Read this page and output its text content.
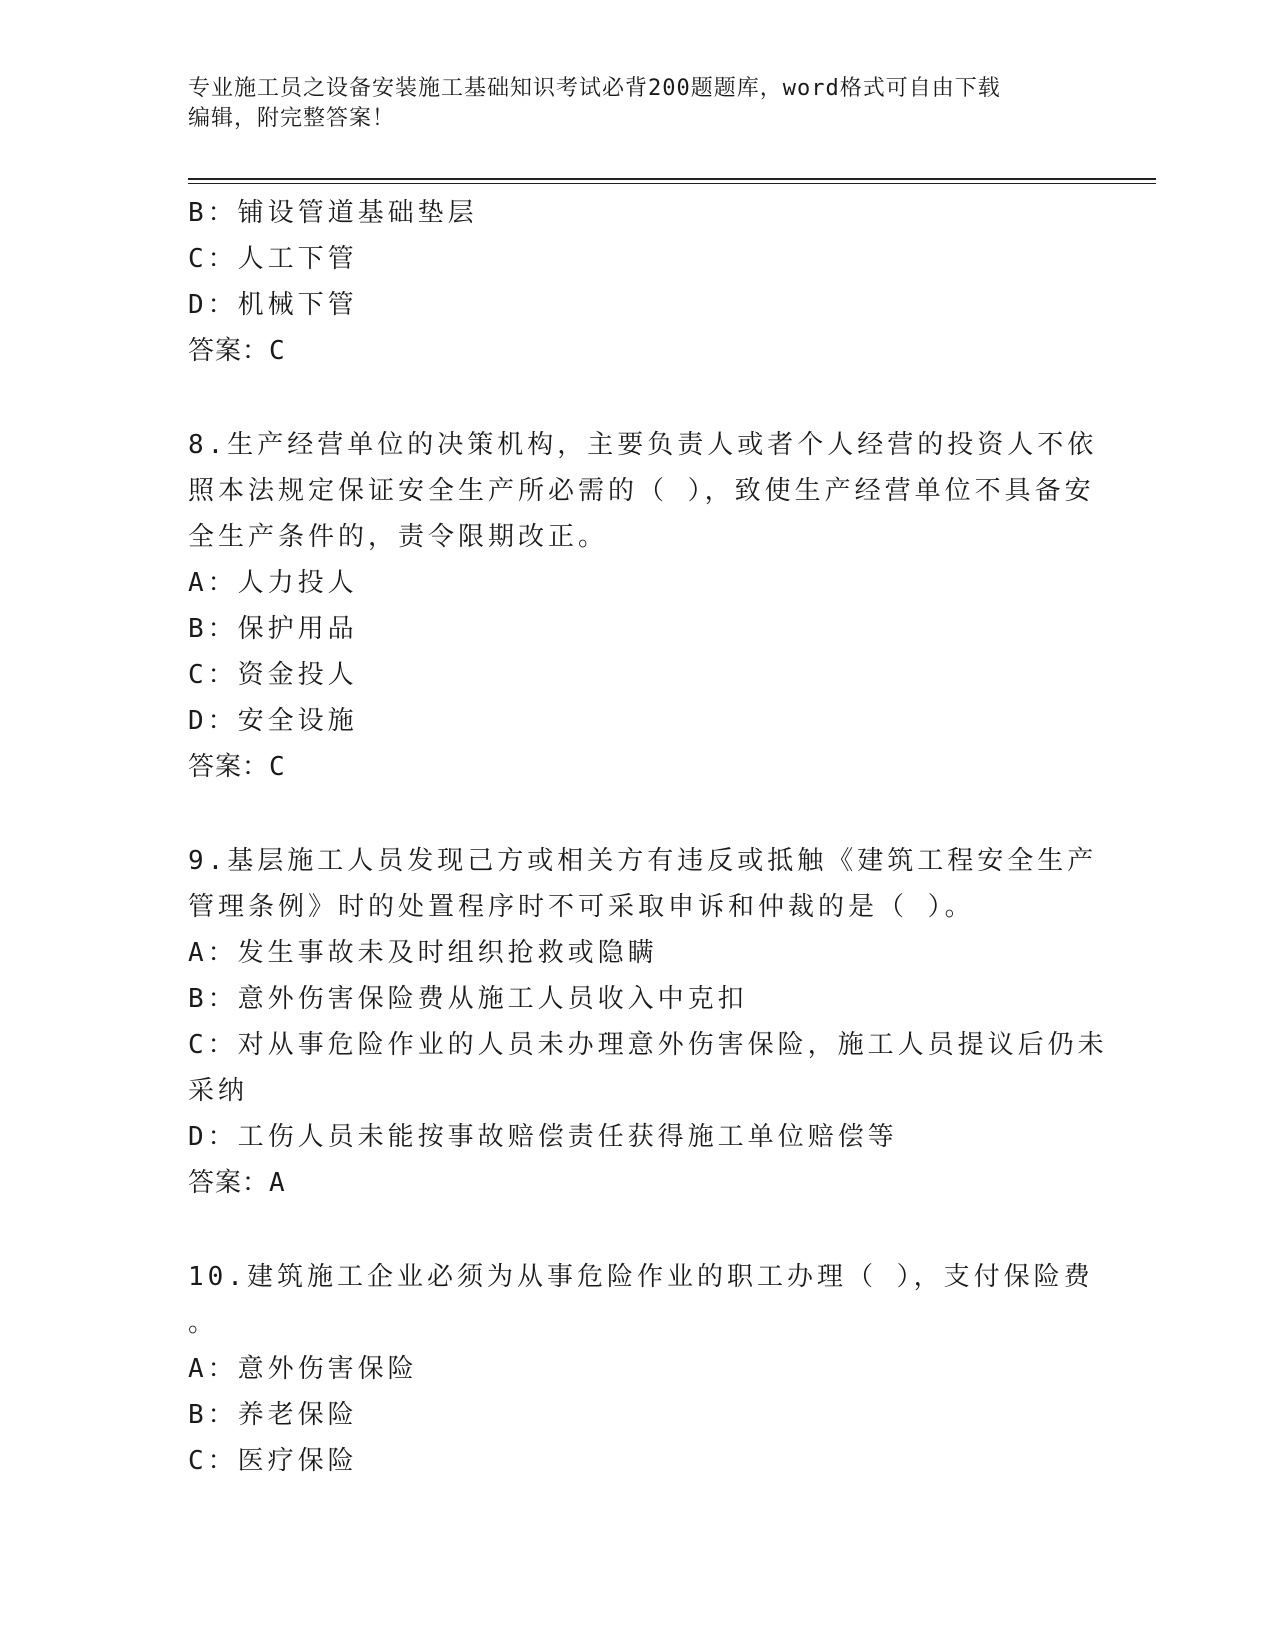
专业施工员之设备安装施工基础知识考试必背200题题库，word格式可自由下载
编辑，附完整答案！
B：铺设管道基础垫层
C：人工下管
D：机械下管
答案：C
8.生产经营单位的决策机构，主要负责人或者个人经营的投资人不依
照本法规定保证安全生产所必需的（ ），致使生产经营单位不具备安
全生产条件的，责令限期改正。
A：人力投人
B：保护用品
C：资金投人
D：安全设施
答案：C
9.基层施工人员发现己方或相关方有违反或抵触《建筑工程安全生产
管理条例》时的处置程序时不可采取申诉和仲裁的是（ ）。
A：发生事故未及时组织抢救或隐瞒
B：意外伤害保险费从施工人员收入中克扣
C：对从事危险作业的人员未办理意外伤害保险，施工人员提议后仍未
采纳
D：工伤人员未能按事故赔偿责任获得施工单位赔偿等
答案：A
10.建筑施工企业必须为从事危险作业的职工办理（ ），支付保险费
。
A：意外伤害保险
B：养老保险
C：医疗保险
